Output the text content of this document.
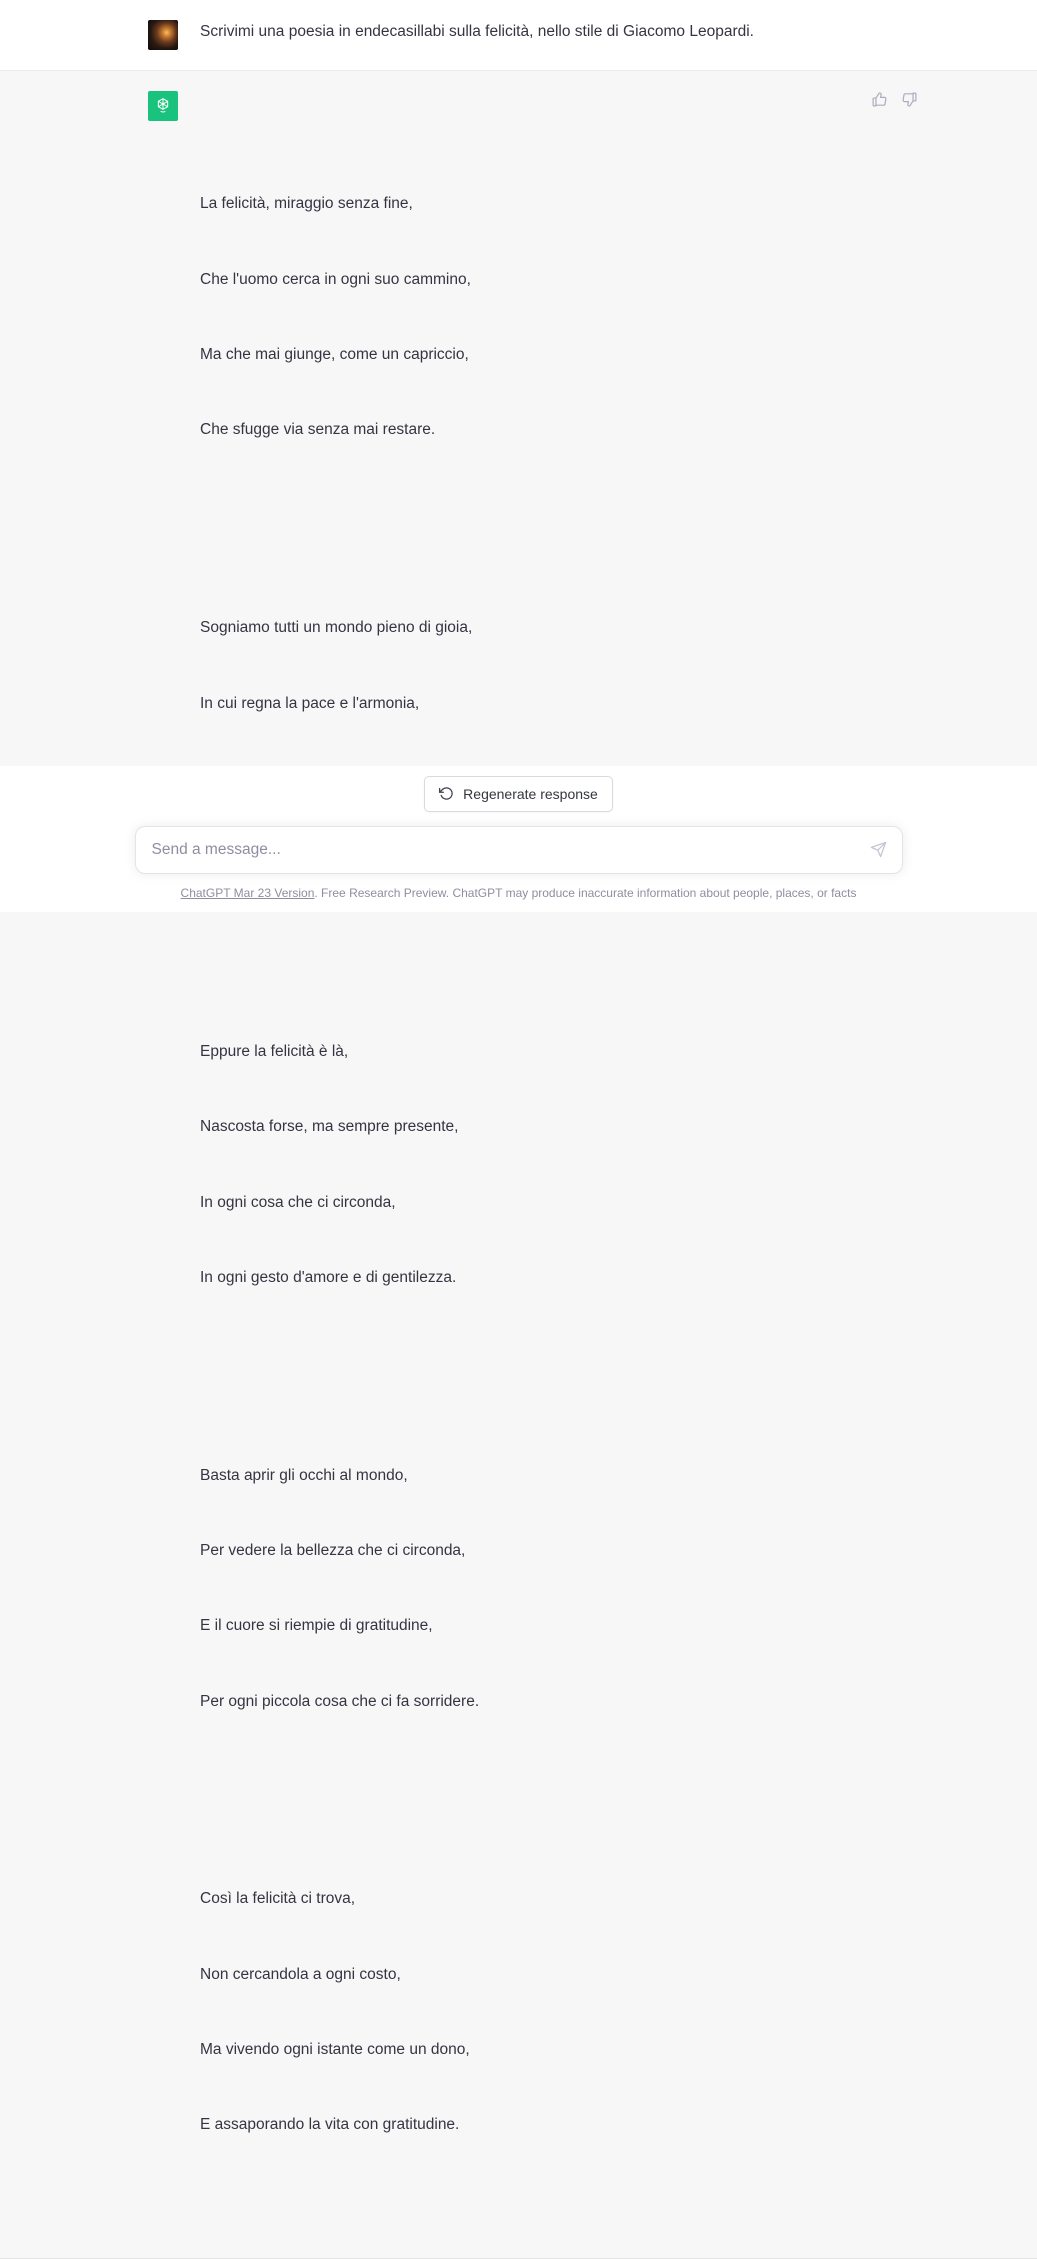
Scrivimi una poesia in endecasillabi sulla felicità, nello stile di Giacomo Leopardi.

La felicità, miraggio senza fine,

Che l'uomo cerca in ogni suo cammino,

Ma che mai giunge, come un capriccio,

Che sfugge via senza mai restare.

Sogniamo tutti un mondo pieno di gioia,

In cui regna la pace e l'armonia,

Eppure la felicità è là,

Nascosta forse, ma sempre presente,

In ogni cosa che ci circonda,

In ogni gesto d'amore e di gentilezza.

Basta aprir gli occhi al mondo,

Per vedere la bellezza che ci circonda,

E il cuore si riempie di gratitudine,

Per ogni piccola cosa che ci fa sorridere.

Così la felicità ci trova,

Non cercandola a ogni costo,

Ma vivendo ogni istante come un dono,

E assaporando la vita con gratitudine.

Regenerate response
Send a message...
ChatGPT Mar 23 Version. Free Research Preview. ChatGPT may produce inaccurate information about people, places, or facts
